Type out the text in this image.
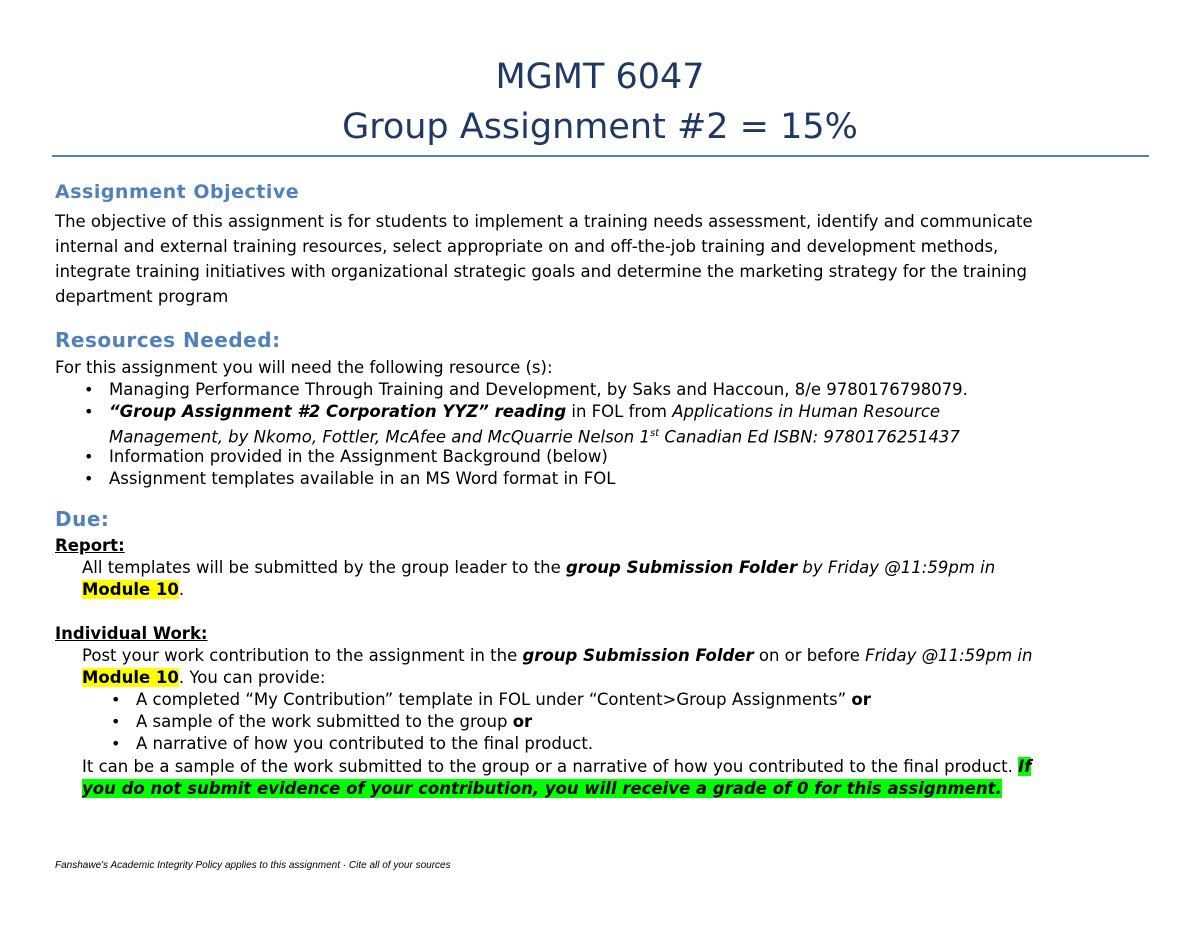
MGMT 6047
Group Assignment #2 = 15%
Assignment Objective
The objective of this assignment is for students to implement a training needs assessment, identify and communicate
internal and external training resources, select appropriate on and off-the-job training and development methods,
integrate training initiatives with organizational strategic goals and determine the marketing strategy for the training
department program
Resources Needed:
For this assignment you will need the following resource (s):
• Managing Performance Through Training and Development, by Saks and Haccoun, 8/e 9780176798079.
• “Group Assignment #2 Corporation YYZ” reading in FOL from Applications in Human Resource
Management, by Nkomo, Fottler, McAfee and McQuarrie Nelson 1st Canadian Ed ISBN: 9780176251437
• Information provided in the Assignment Background (below)
• Assignment templates available in an MS Word format in FOL
Due:
Report:
All templates will be submitted by the group leader to the group Submission Folder by Friday @11:59pm in
Module 10.
Individual Work:
Post your work contribution to the assignment in the group Submission Folder on or before Friday @11:59pm in
Module 10. You can provide:
• A completed “My Contribution” template in FOL under “Content>Group Assignments” or
• A sample of the work submitted to the group or
• A narrative of how you contributed to the final product.
It can be a sample of the work submitted to the group or a narrative of how you contributed to the final product. If
you do not submit evidence of your contribution, you will receive a grade of 0 for this assignment.
Fanshawe's Academic Integrity Policy applies to this assignment · Cite all of your sources
